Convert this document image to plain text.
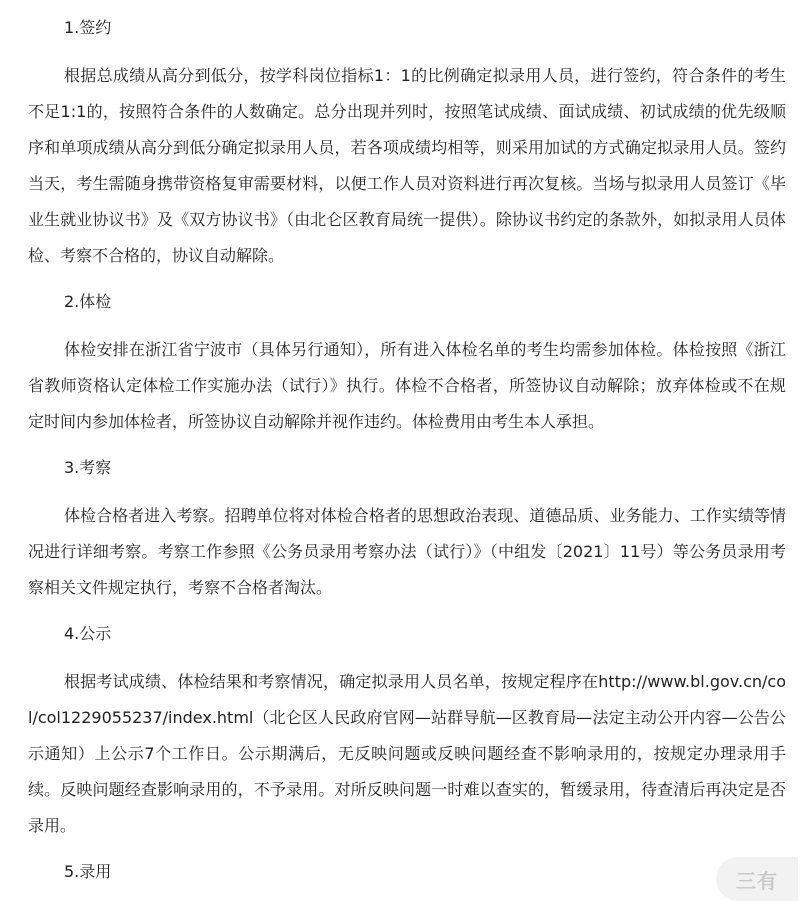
1.签约

根据总成绩从高分到低分，按学科岗位指标1：1的比例确定拟录用人员，进行签约，符合条件的考生不足1:1的，按照符合条件的人数确定。总分出现并列时，按照笔试成绩、面试成绩、初试成绩的优先级顺序和单项成绩从高分到低分确定拟录用人员，若各项成绩均相等，则采用加试的方式确定拟录用人员。签约当天，考生需随身携带资格复审需要材料，以便工作人员对资料进行再次复核。当场与拟录用人员签订《毕业生就业协议书》及《双方协议书》（由北仑区教育局统一提供）。除协议书约定的条款外，如拟录用人员体检、考察不合格的，协议自动解除。

2.体检

体检安排在浙江省宁波市（具体另行通知），所有进入体检名单的考生均需参加体检。体检按照《浙江省教师资格认定体检工作实施办法（试行）》执行。体检不合格者，所签协议自动解除；放弃体检或不在规定时间内参加体检者，所签协议自动解除并视作违约。体检费用由考生本人承担。

3.考察

体检合格者进入考察。招聘单位将对体检合格者的思想政治表现、道德品质、业务能力、工作实绩等情况进行详细考察。考察工作参照《公务员录用考察办法（试行）》（中组发〔2021〕11号）等公务员录用考察相关文件规定执行，考察不合格者淘汰。

4.公示

根据考试成绩、体检结果和考察情况，确定拟录用人员名单，按规定程序在http://www.bl.gov.cn/col/col1229055237/index.html（北仑区人民政府官网—站群导航—区教育局—法定主动公开内容—公告公示通知）上公示7个工作日。公示期满后，无反映问题或反映问题经查不影响录用的，按规定办理录用手续。反映问题经查影响录用的，不予录用。对所反映问题一时难以查实的，暂缓录用，待查清后再决定是否录用。

5.录用	三有
